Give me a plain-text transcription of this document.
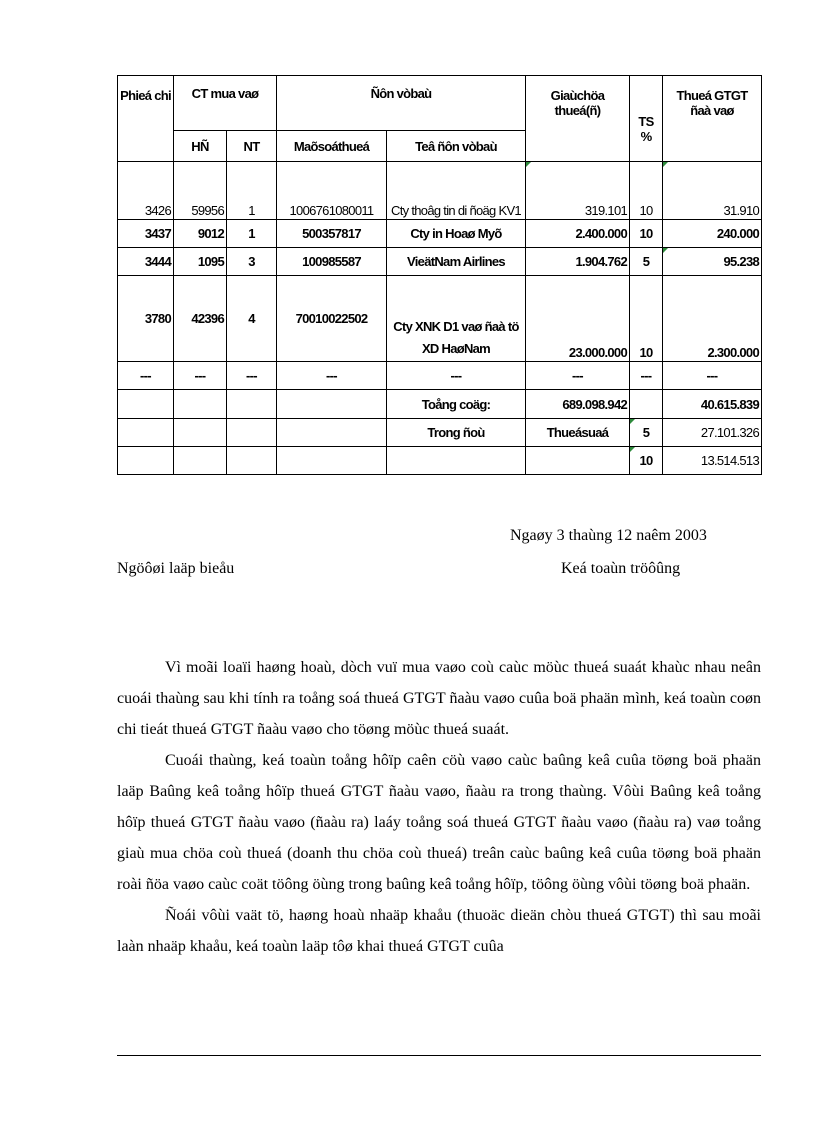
Phieá chi	CT mua vaø		Ñôn vòbaù		Giaùchöa thueá(ñ)	TS %	Thueá GTGT ñaà vaø
	HÑ	NT	Maõsoáthueá	Teâ ñôn vòbaù			
3426	59956	1	1006761080011	Cty thoâg tin di ñoäg KV1	319.101	10	31.910
3437	9012	1	500357817	Cty in Hoaø Myõ	2.400.000	10	240.000
3444	1095	3	100985587	VieätNam Airlines	1.904.762	5	95.238
3780	42396	4	70010022502	Cty XNK D1 vaø ñaà tö XD HaøNam	23.000.000	10	2.300.000
---	---	---	---	---	---	---	---
				Toång coäg:	689.098.942		40.615.839
				Trong ñoù	Thueásuaá	5	27.101.326
						10	13.514.513
Ngaøy 3 thaùng 12 naêm 2003
Ngöôøi laäp bieåu	Keá toaùn tröôûng

Vì moãi loaïi haøng hoaù, dòch vuï mua vaøo coù caùc möùc thueá suaát khaùc nhau neân cuoái thaùng sau khi tính ra toång soá thueá GTGT ñaàu vaøo cuûa boä phaän mình, keá toaùn coøn chi tieát thueá GTGT ñaàu vaøo cho töøng möùc thueá suaát.

Cuoái thaùng, keá toaùn toång hôïp caên cöù vaøo caùc baûng keâ cuûa töøng boä phaän laäp Baûng keâ toång hôïp thueá GTGT ñaàu vaøo, ñaàu ra trong thaùng. Vôùi Baûng keâ toång hôïp thueá GTGT ñaàu vaøo (ñaàu ra) laáy toång soá thueá GTGT ñaàu vaøo (ñaàu ra) vaø toång giaù mua chöa coù thueá (doanh thu chöa coù thueá) treân caùc baûng keâ cuûa töøng boä phaän roài ñöa vaøo caùc coät töông öùng trong baûng keâ toång hôïp, töông öùng vôùi töøng boä phaän.

Ñoái vôùi vaät tö, haøng hoaù nhaäp khaåu (thuoäc dieän chòu thueá GTGT) thì sau moãi laàn nhaäp khaåu, keá toaùn laäp tôø khai thueá GTGT cuûa
